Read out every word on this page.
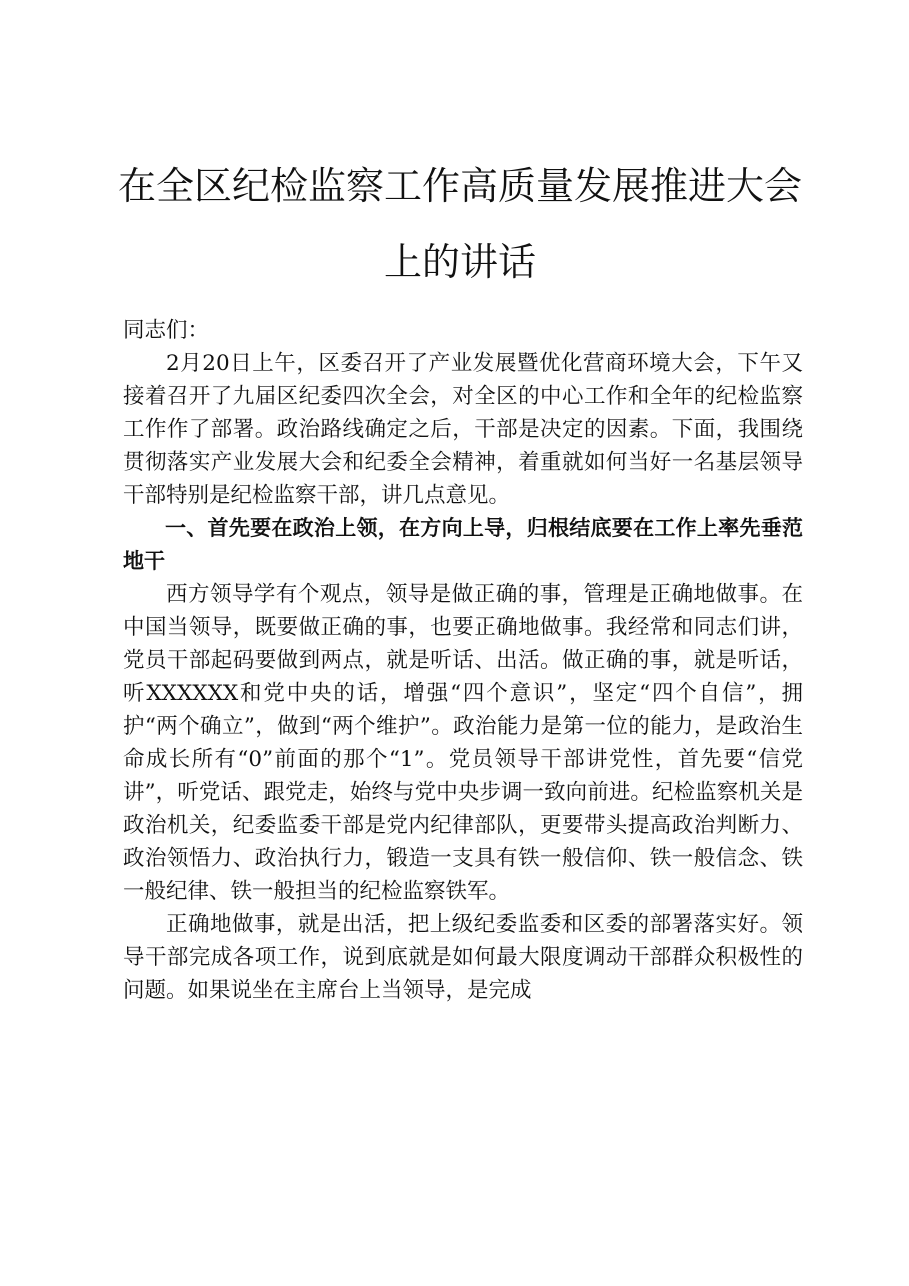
在全区纪检监察工作高质量发展推进大会上的讲话

同志们：

2月20日上午，区委召开了产业发展暨优化营商环境大会，下午又接着召开了九届区纪委四次全会，对全区的中心工作和全年的纪检监察工作作了部署。政治路线确定之后，干部是决定的因素。下面，我围绕贯彻落实产业发展大会和纪委全会精神，着重就如何当好一名基层领导干部特别是纪检监察干部，讲几点意见。

一、首先要在政治上领，在方向上导，归根结底要在工作上率先垂范地干

西方领导学有个观点，领导是做正确的事，管理是正确地做事。在中国当领导，既要做正确的事，也要正确地做事。我经常和同志们讲，党员干部起码要做到两点，就是听话、出活。做正确的事，就是听话，听XXXXXX和党中央的话，增强“四个意识”，坚定“四个自信”，拥护“两个确立”，做到“两个维护”。政治能力是第一位的能力，是政治生命成长所有“0”前面的那个“1”。党员领导干部讲党性，首先要“信党讲”，听党话、跟党走，始终与党中央步调一致向前进。纪检监察机关是政治机关，纪委监委干部是党内纪律部队，更要带头提高政治判断力、政治领悟力、政治执行力，锻造一支具有铁一般信仰、铁一般信念、铁一般纪律、铁一般担当的纪检监察铁军。

正确地做事，就是出活，把上级纪委监委和区委的部署落实好。领导干部完成各项工作，说到底就是如何最大限度调动干部群众积极性的问题。如果说坐在主席台上当领导，是完成
